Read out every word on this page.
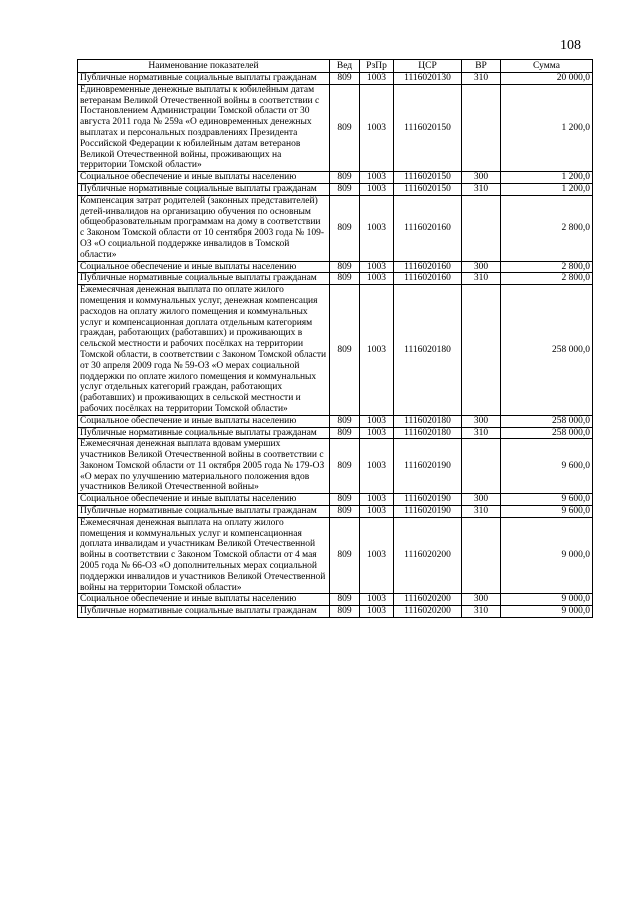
108
Наименование показателей	Вед	РзПр	ЦСР	ВР	Сумма
Публичные нормативные социальные выплаты гражданам	809	1003	1116020130	310	20 000,0
Единовременные денежные выплаты к юбилейным датам ветеранам Великой Отечественной войны в соответствии с Постановлением Администрации Томской области от 30 августа 2011 года № 259а «О единовременных денежных выплатах и персональных поздравлениях Президента Российской Федерации к юбилейным датам ветеранов Великой Отечественной войны, проживающих на территории Томской области»	809	1003	1116020150		1 200,0
Социальное обеспечение и иные выплаты населению	809	1003	1116020150	300	1 200,0
Публичные нормативные социальные выплаты гражданам	809	1003	1116020150	310	1 200,0
Компенсация затрат родителей (законных представителей) детей-инвалидов на организацию обучения по основным общеобразовательным программам на дому в соответствии с Законом Томской области от 10 сентября 2003 года № 109-ОЗ «О социальной поддержке инвалидов в Томской области»	809	1003	1116020160		2 800,0
Социальное обеспечение и иные выплаты населению	809	1003	1116020160	300	2 800,0
Публичные нормативные социальные выплаты гражданам	809	1003	1116020160	310	2 800,0
Ежемесячная денежная выплата по оплате жилого помещения и коммунальных услуг, денежная компенсация расходов на оплату жилого помещения и коммунальных услуг и компенсационная доплата отдельным категориям граждан, работающих (работавших) и проживающих в сельской местности и рабочих посёлках на территории Томской области, в соответствии с Законом Томской области от 30 апреля 2009 года № 59-ОЗ «О мерах социальной поддержки по оплате жилого помещения и коммунальных услуг отдельных категорий граждан, работающих (работавших) и проживающих в сельской местности и рабочих посёлках на территории Томской области»	809	1003	1116020180		258 000,0
Социальное обеспечение и иные выплаты населению	809	1003	1116020180	300	258 000,0
Публичные нормативные социальные выплаты гражданам	809	1003	1116020180	310	258 000,0
Ежемесячная денежная выплата вдовам умерших участников Великой Отечественной войны в соответствии с Законом Томской области от 11 октября 2005 года № 179-ОЗ «О мерах по улучшению материального положения вдов участников Великой Отечественной войны»	809	1003	1116020190		9 600,0
Социальное обеспечение и иные выплаты населению	809	1003	1116020190	300	9 600,0
Публичные нормативные социальные выплаты гражданам	809	1003	1116020190	310	9 600,0
Ежемесячная денежная выплата на оплату жилого помещения и коммунальных услуг и компенсационная доплата инвалидам и участникам Великой Отечественной войны в соответствии с Законом Томской области от 4 мая 2005 года № 66-ОЗ «О дополнительных мерах социальной поддержки инвалидов и участников Великой Отечественной войны на территории Томской области»	809	1003	1116020200		9 000,0
Социальное обеспечение и иные выплаты населению	809	1003	1116020200	300	9 000,0
Публичные нормативные социальные выплаты гражданам	809	1003	1116020200	310	9 000,0
